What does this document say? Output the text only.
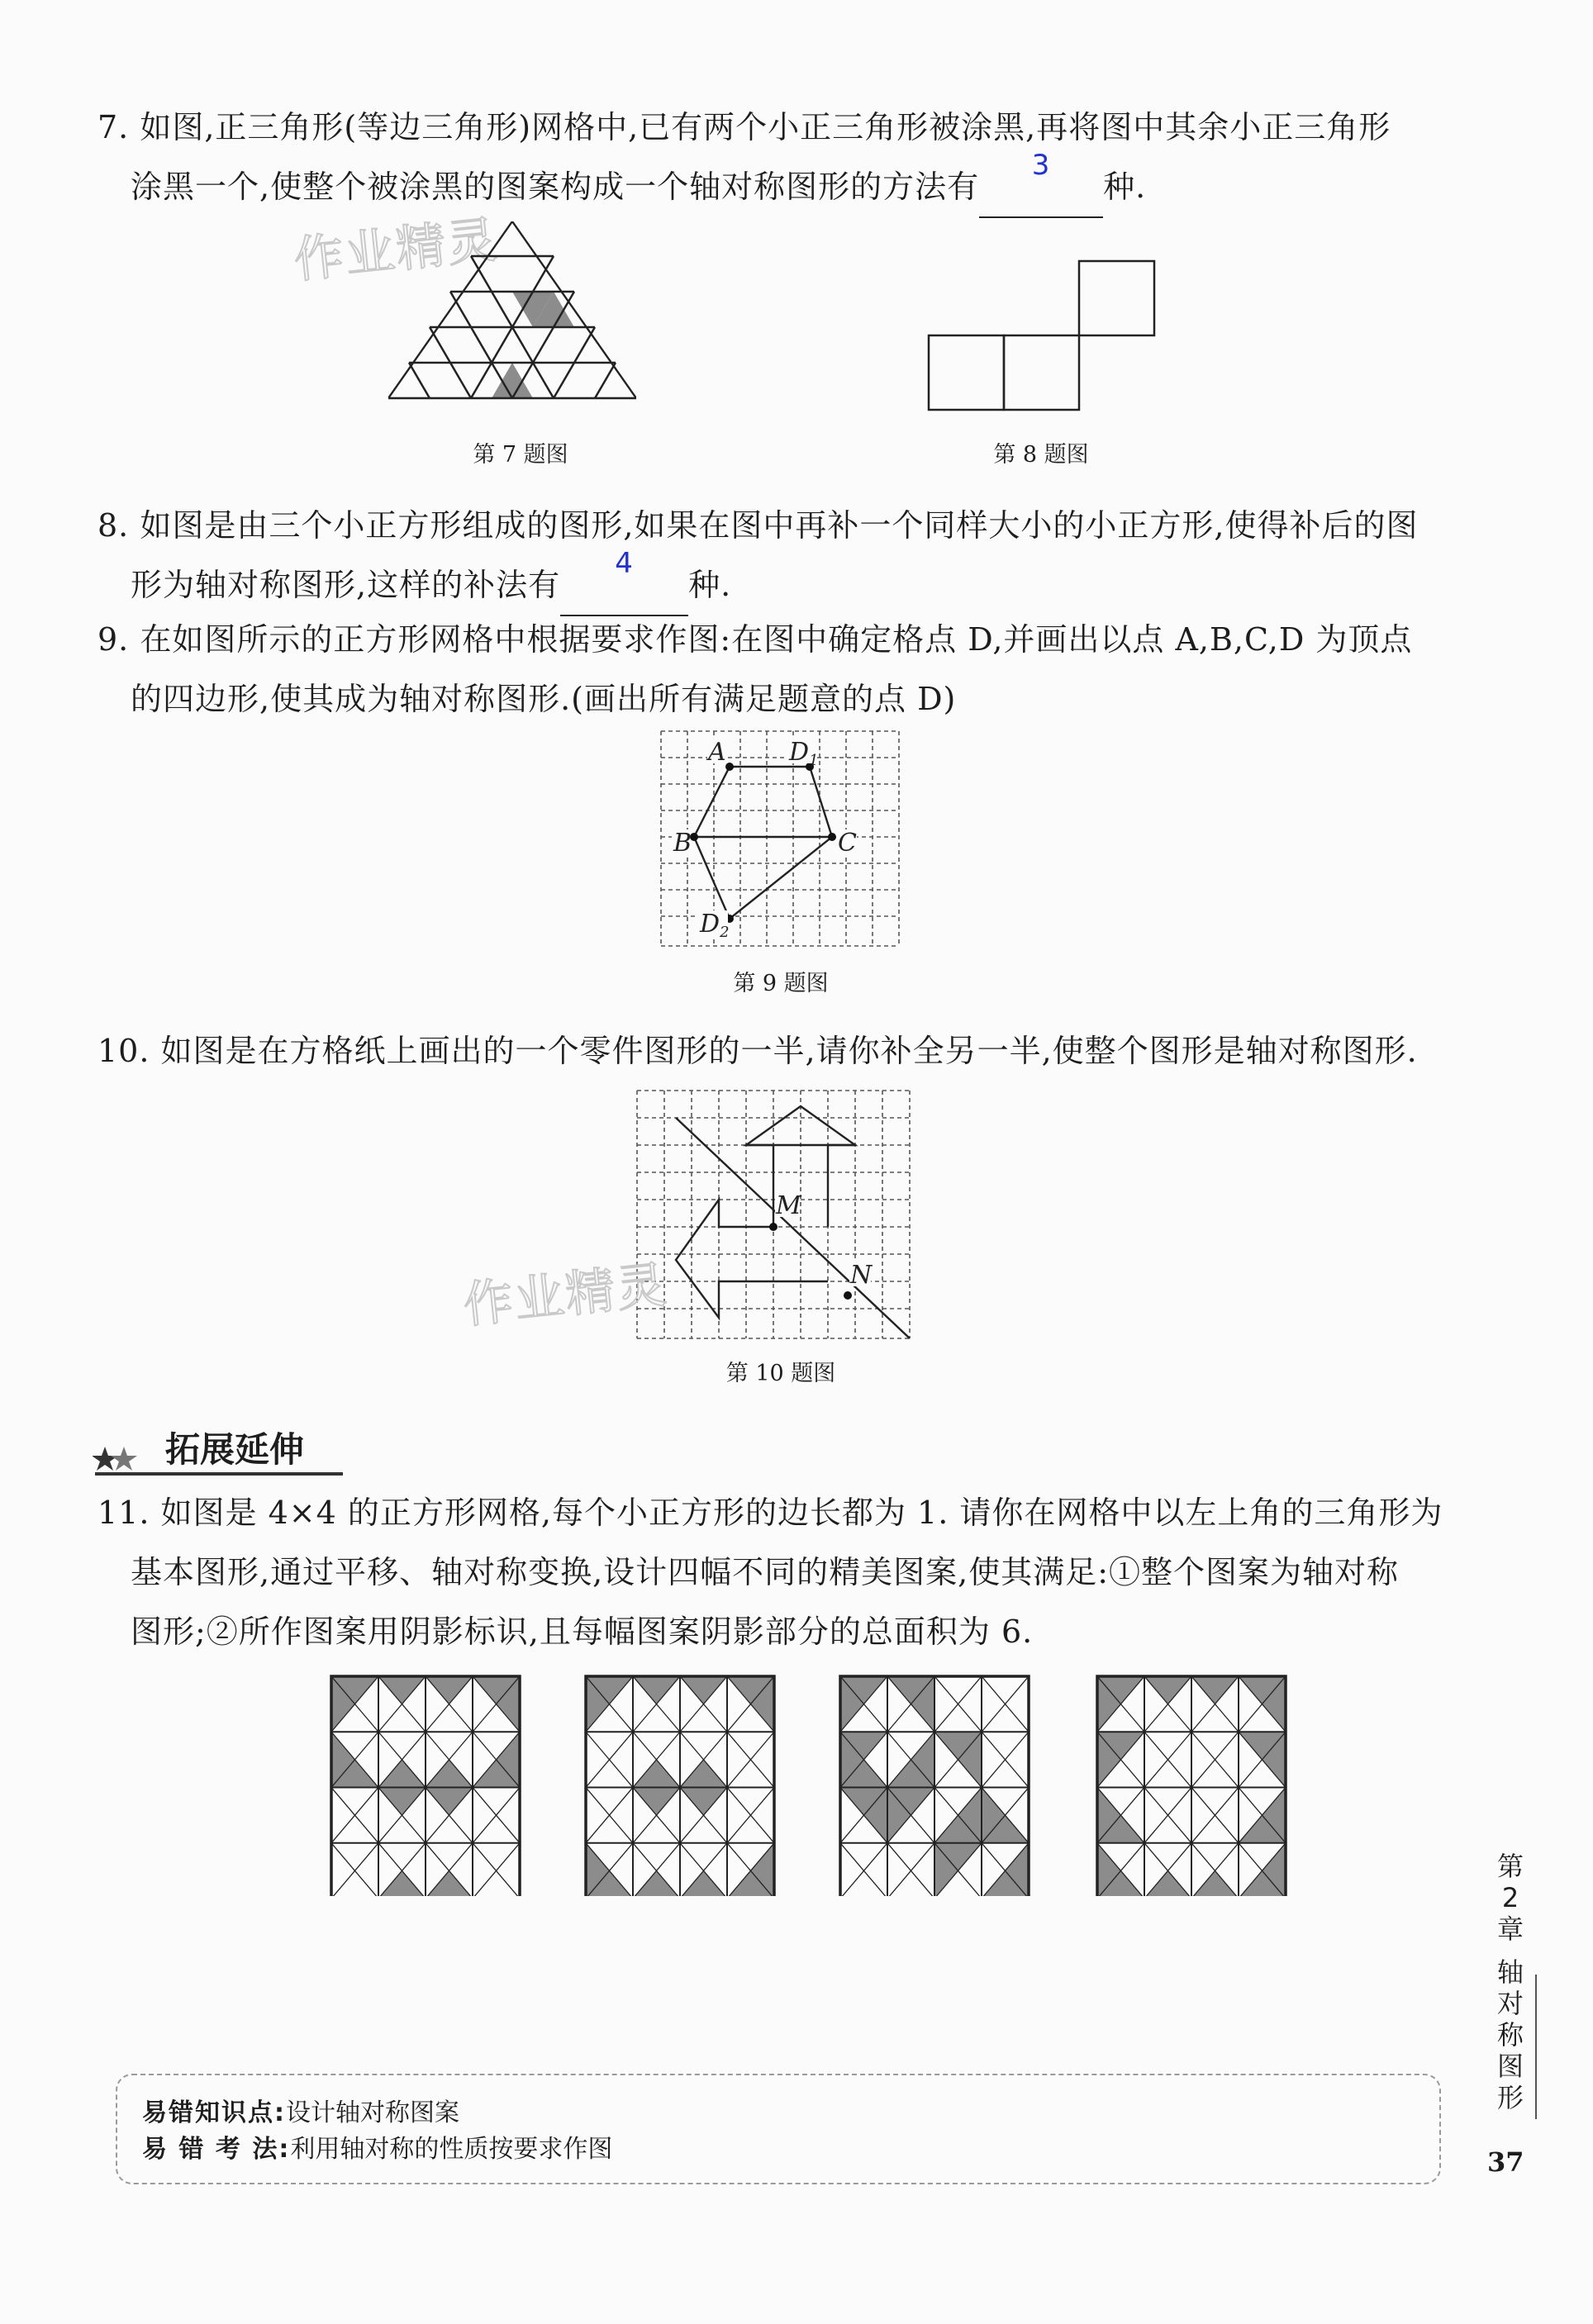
7. 如图,正三角形(等边三角形)网格中,已有两个小正三角形被涂黑,再将图中其余小正三角形
涂黑一个,使整个被涂黑的图案构成一个轴对称图形的方法有
3
种.
作业精灵
第 7 题图	第 8 题图
8. 如图是由三个小正方形组成的图形,如果在图中再补一个同样大小的小正方形,使得补后的图
形为轴对称图形,这样的补法有
4
种.
9. 在如图所示的正方形网格中根据要求作图:在图中确定格点 D,并画出以点 A,B,C,D 为顶点
的四边形,使其成为轴对称图形.(画出所有满足题意的点 D)
A	$D_1$
B	C
$D_2$
第 9 题图
10. 如图是在方格纸上画出的一个零件图形的一半,请你补全另一半,使整个图形是轴对称图形.
M
N
作业精灵
第 10 题图
拓展延伸
11. 如图是 4×4 的正方形网格,每个小正方形的边长都为 1. 请你在网格中以左上角的三角形为
基本图形,通过平移、轴对称变换,设计四幅不同的精美图案,使其满足:①整个图案为轴对称
图形;②所作图案用阴影标识,且每幅图案阴影部分的总面积为 6.
易错知识点:设计轴对称图案
易 错 考 法:利用轴对称的性质按要求作图
第
2
章
轴
对
称
图
形
37
